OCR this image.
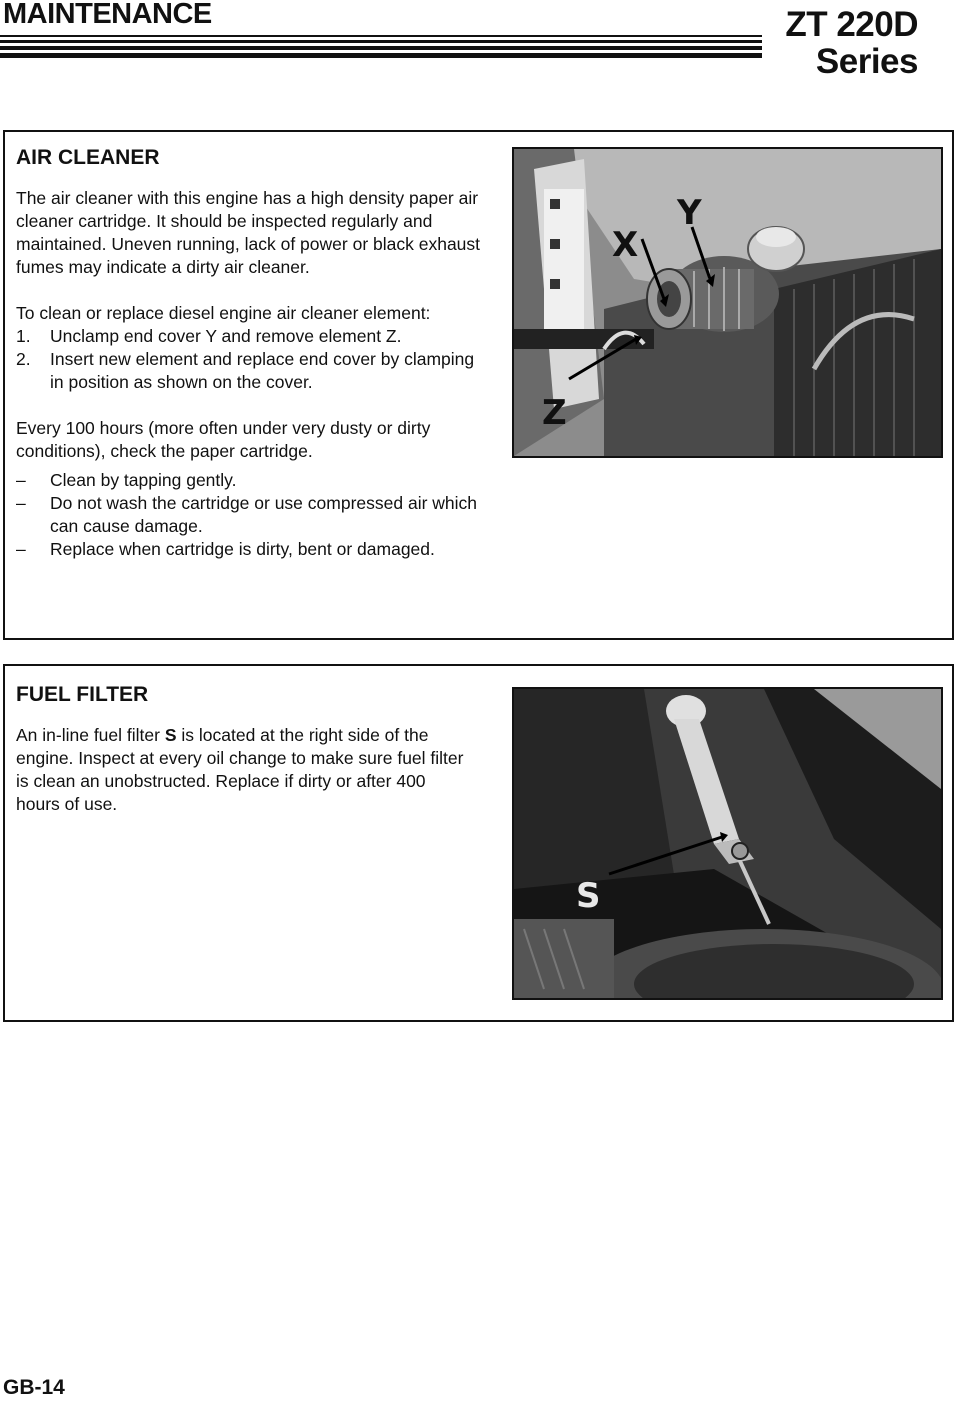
MAINTENANCE	ZT 220D
Series
AIR CLEANER

The air cleaner with this engine has a high density paper air cleaner cartridge. It should be inspected regularly and maintained. Uneven running, lack of power or black exhaust fumes may indicate a dirty air cleaner.

To clean or replace diesel engine air cleaner element:

1.	Unclamp end cover Y and remove element Z.
2.	Insert new element and replace end cover by clamping in position as shown on the cover.

Every 100 hours (more often under very dusty or dirty conditions), check the paper cartridge.

–	Clean by tapping gently.
–	Do not wash the cartridge or use compressed air which can cause damage.
–	Replace when cartridge is dirty, bent or damaged.
X
Y
Z
FUEL FILTER

An in-line fuel filter S is located at the right side of the engine. Inspect at every oil change to make sure fuel filter is clean an unobstructed. Replace if dirty or after 400 hours of use.

S
GB-14
